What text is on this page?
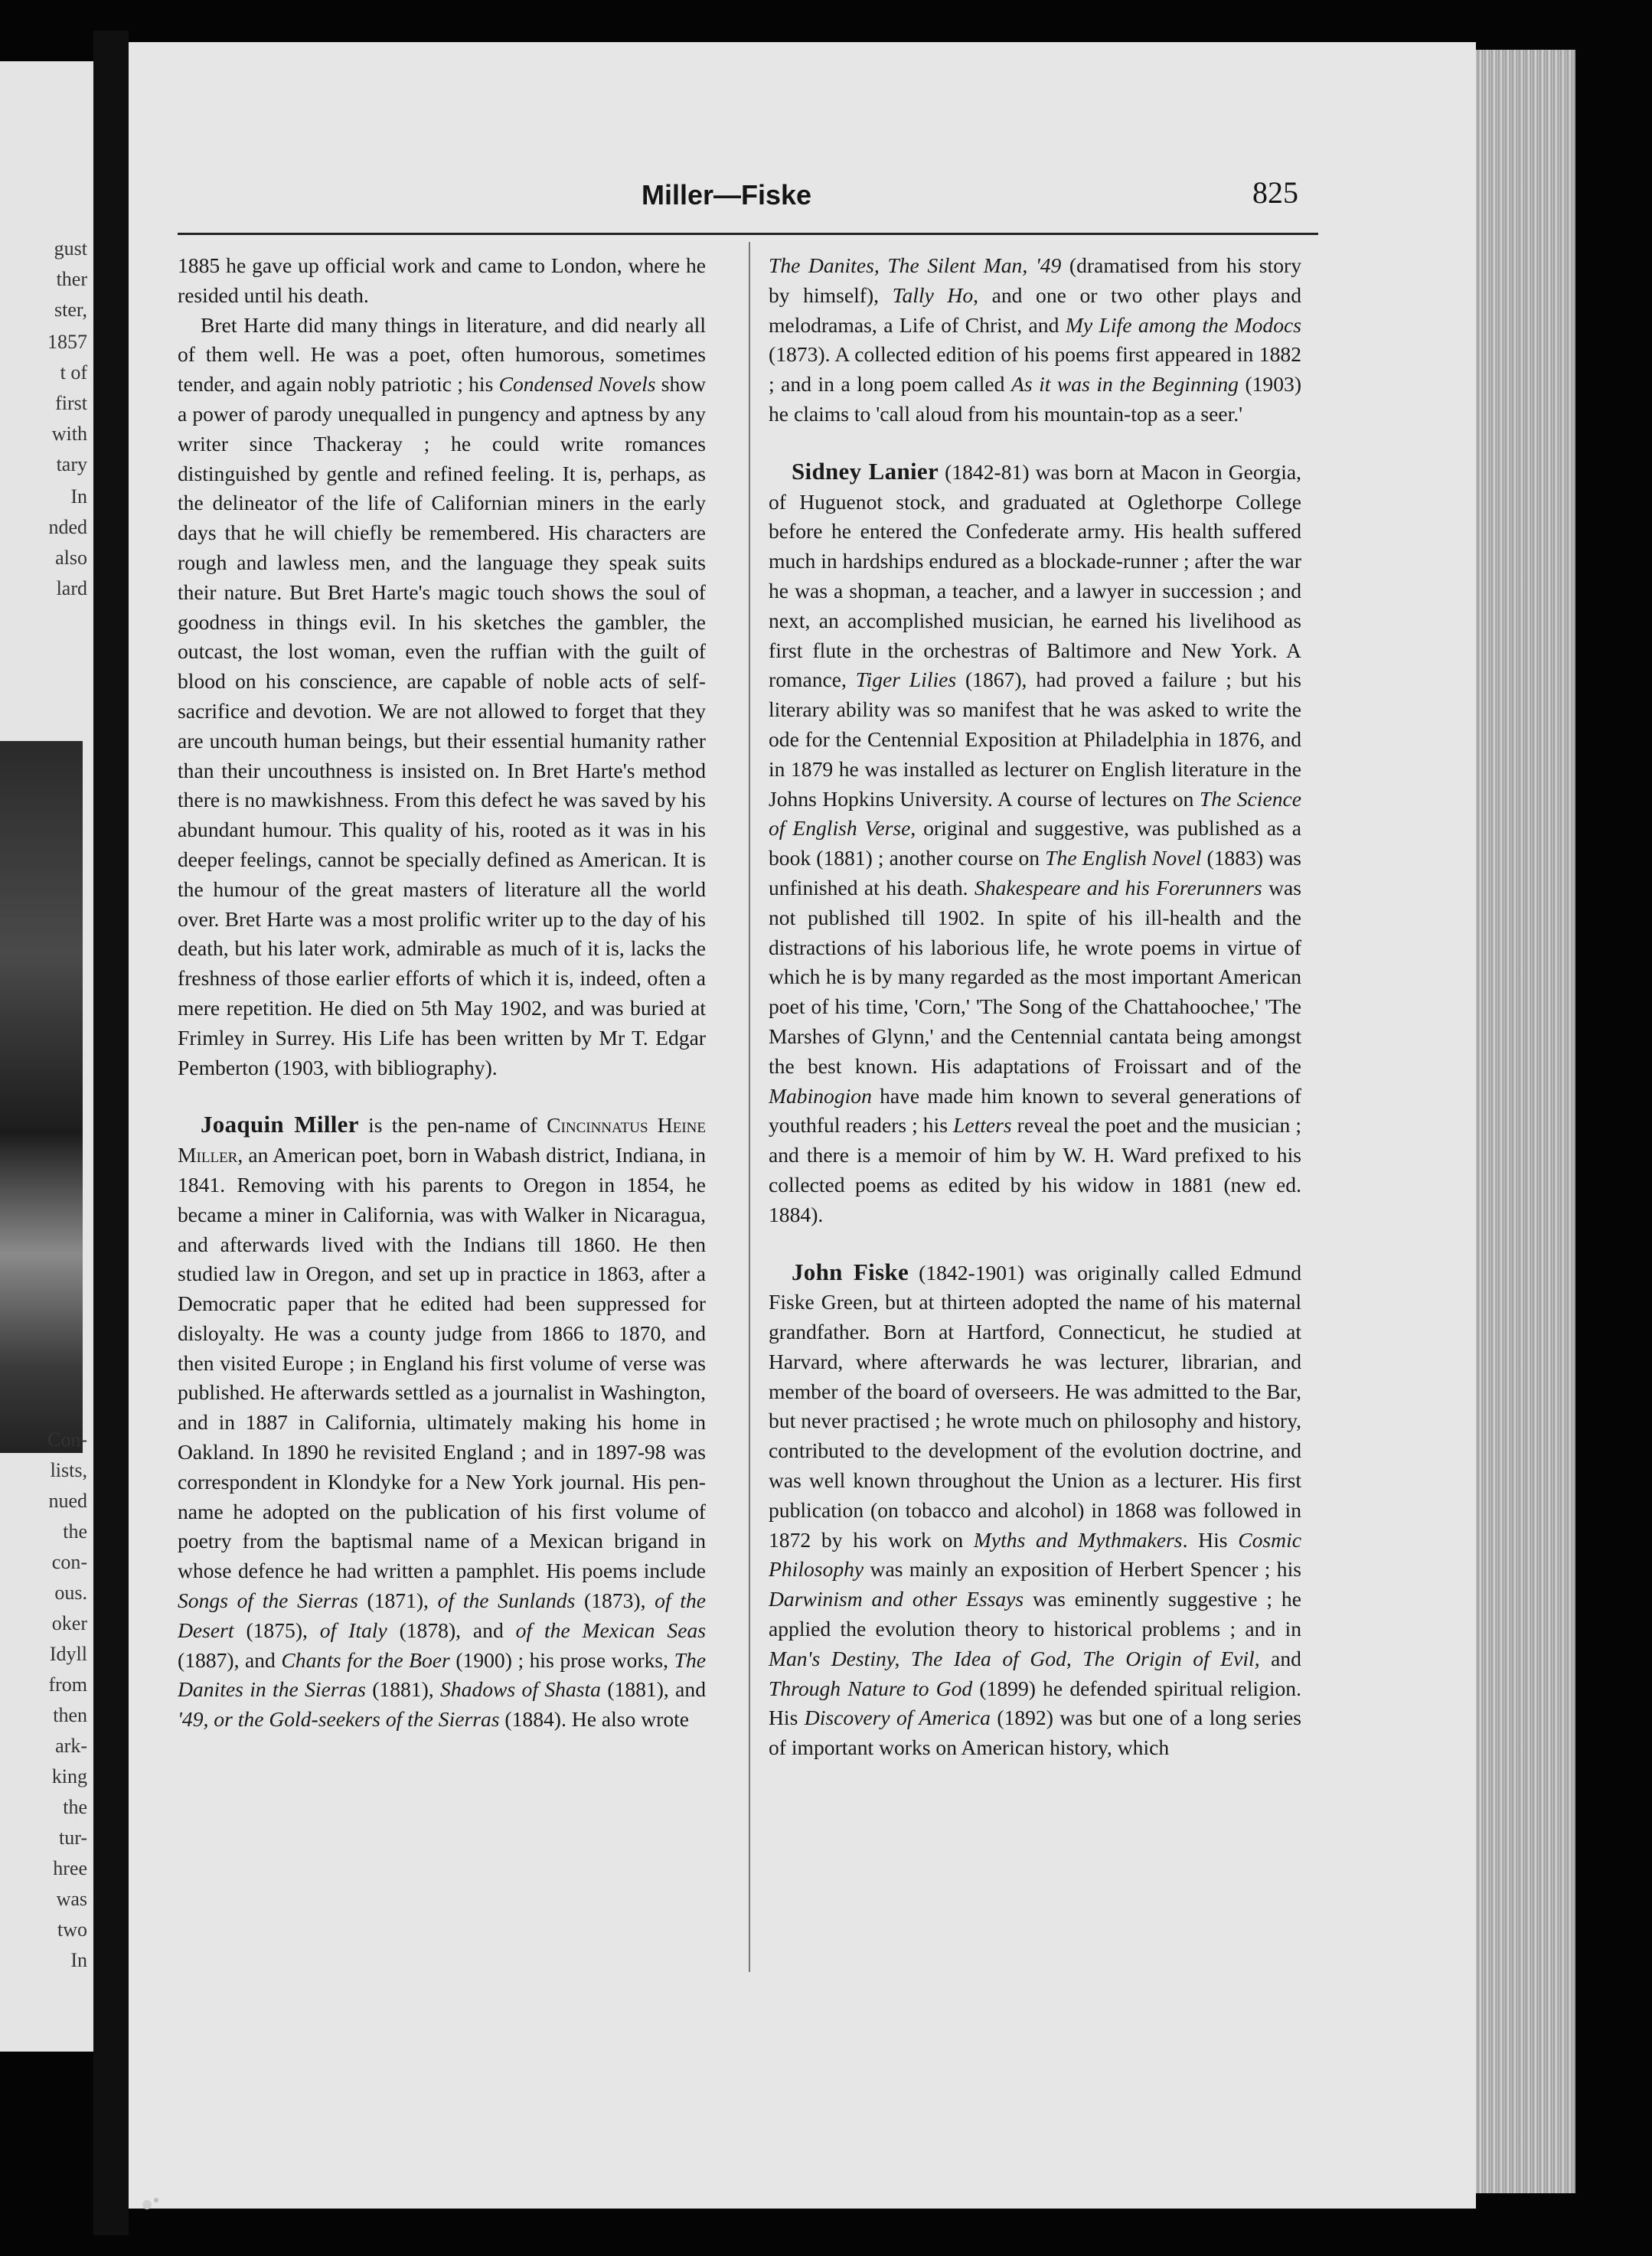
gust
ther
ster,
1857
t of
first
with
tary
In
nded
also
lard
Con-
lists,
nued
the
con-
ous.
oker
Idyll
from
then
ark-
king
the
tur-
hree
was
two
In
Miller—Fiske	825

1885 he gave up official work and came to London, where he resided until his death.

Bret Harte did many things in literature, and did nearly all of them well. He was a poet, often humorous, sometimes tender, and again nobly patriotic ; his Condensed Novels show a power of parody unequalled in pungency and aptness by any writer since Thackeray ; he could write romances distinguished by gentle and refined feeling. It is, perhaps, as the delineator of the life of Californian miners in the early days that he will chiefly be remembered. His characters are rough and lawless men, and the language they speak suits their nature. But Bret Harte's magic touch shows the soul of goodness in things evil. In his sketches the gambler, the outcast, the lost woman, even the ruffian with the guilt of blood on his conscience, are capable of noble acts of self-sacrifice and devotion. We are not allowed to forget that they are uncouth human beings, but their essential humanity rather than their uncouthness is insisted on. In Bret Harte's method there is no mawkishness. From this defect he was saved by his abundant humour. This quality of his, rooted as it was in his deeper feelings, cannot be specially defined as American. It is the humour of the great masters of literature all the world over. Bret Harte was a most prolific writer up to the day of his death, but his later work, admirable as much of it is, lacks the freshness of those earlier efforts of which it is, indeed, often a mere repetition. He died on 5th May 1902, and was buried at Frimley in Surrey. His Life has been written by Mr T. Edgar Pemberton (1903, with bibliography).

Joaquin Miller is the pen-name of Cincinnatus Heine Miller, an American poet, born in Wabash district, Indiana, in 1841. Removing with his parents to Oregon in 1854, he became a miner in California, was with Walker in Nicaragua, and afterwards lived with the Indians till 1860. He then studied law in Oregon, and set up in practice in 1863, after a Democratic paper that he edited had been suppressed for disloyalty. He was a county judge from 1866 to 1870, and then visited Europe ; in England his first volume of verse was published. He afterwards settled as a journalist in Washington, and in 1887 in California, ultimately making his home in Oakland. In 1890 he revisited England ; and in 1897-98 was correspondent in Klondyke for a New York journal. His pen-name he adopted on the publication of his first volume of poetry from the baptismal name of a Mexican brigand in whose defence he had written a pamphlet. His poems include Songs of the Sierras (1871), of the Sunlands (1873), of the Desert (1875), of Italy (1878), and of the Mexican Seas (1887), and Chants for the Boer (1900) ; his prose works, The Danites in the Sierras (1881), Shadows of Shasta (1881), and '49, or the Gold-seekers of the Sierras (1884). He also wrote

The Danites, The Silent Man, '49 (dramatised from his story by himself), Tally Ho, and one or two other plays and melodramas, a Life of Christ, and My Life among the Modocs (1873). A collected edition of his poems first appeared in 1882 ; and in a long poem called As it was in the Beginning (1903) he claims to 'call aloud from his mountain-top as a seer.'

Sidney Lanier (1842-81) was born at Macon in Georgia, of Huguenot stock, and graduated at Oglethorpe College before he entered the Confederate army. His health suffered much in hardships endured as a blockade-runner ; after the war he was a shopman, a teacher, and a lawyer in succession ; and next, an accomplished musician, he earned his livelihood as first flute in the orchestras of Baltimore and New York. A romance, Tiger Lilies (1867), had proved a failure ; but his literary ability was so manifest that he was asked to write the ode for the Centennial Exposition at Philadelphia in 1876, and in 1879 he was installed as lecturer on English literature in the Johns Hopkins University. A course of lectures on The Science of English Verse, original and suggestive, was published as a book (1881) ; another course on The English Novel (1883) was unfinished at his death. Shakespeare and his Forerunners was not published till 1902. In spite of his ill-health and the distractions of his laborious life, he wrote poems in virtue of which he is by many regarded as the most important American poet of his time, 'Corn,' 'The Song of the Chattahoochee,' 'The Marshes of Glynn,' and the Centennial cantata being amongst the best known. His adaptations of Froissart and of the Mabinogion have made him known to several generations of youthful readers ; his Letters reveal the poet and the musician ; and there is a memoir of him by W. H. Ward prefixed to his collected poems as edited by his widow in 1881 (new ed. 1884).

John Fiske (1842-1901) was originally called Edmund Fiske Green, but at thirteen adopted the name of his maternal grandfather. Born at Hartford, Connecticut, he studied at Harvard, where afterwards he was lecturer, librarian, and member of the board of overseers. He was admitted to the Bar, but never practised ; he wrote much on philosophy and history, contributed to the development of the evolution doctrine, and was well known throughout the Union as a lecturer. His first publication (on tobacco and alcohol) in 1868 was followed in 1872 by his work on Myths and Mythmakers. His Cosmic Philosophy was mainly an exposition of Herbert Spencer ; his Darwinism and other Essays was eminently suggestive ; he applied the evolution theory to historical problems ; and in Man's Destiny, The Idea of God, The Origin of Evil, and Through Nature to God (1899) he defended spiritual religion. His Discovery of America (1892) was but one of a long series of important works on American history, which
